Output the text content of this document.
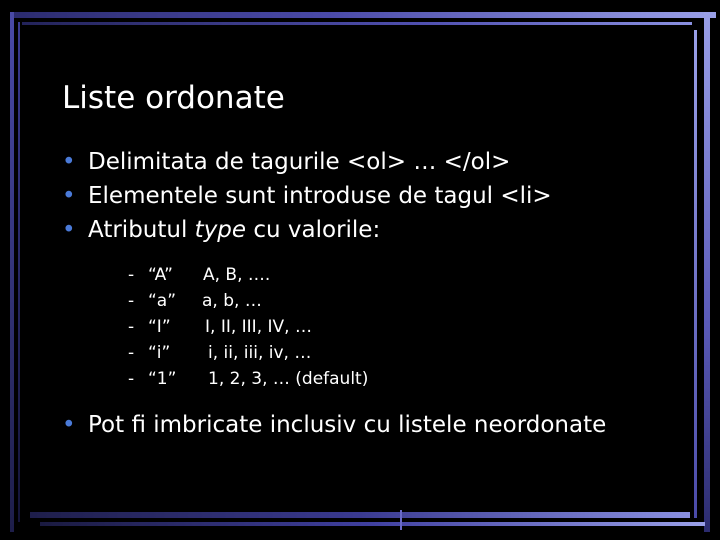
Liste ordonate
• Delimitata de tagurile <ol> … </ol>
• Elementele sunt introduse de tagul <li>
• Atributul type cu valorile:
- “A” A, B, ….
- “a” a, b, …
- “I” I, II, III, IV, …
- “i” i, ii, iii, iv, …
- “1” 1, 2, 3, … (default)
• Pot fi imbricate inclusiv cu listele neordonate
